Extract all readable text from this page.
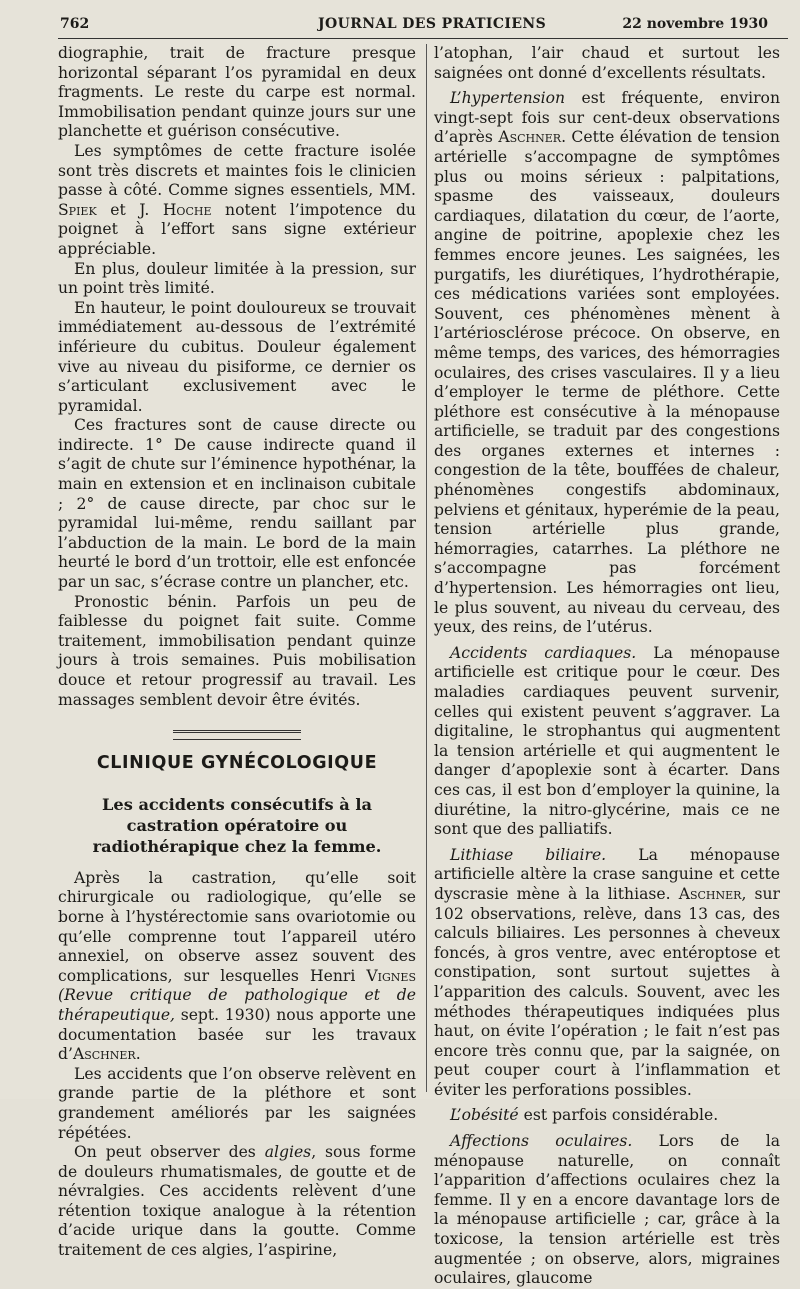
762	JOURNAL DES PRATICIENS	22 novembre 1930

diographie, trait de fracture presque horizontal séparant l’os pyramidal en deux fragments. Le reste du carpe est normal. Immobilisation pendant quinze jours sur une planchette et guérison consécutive.

Les symptômes de cette fracture isolée sont très discrets et maintes fois le clinicien passe à côté. Comme signes essentiels, MM. Spiek et J. Hoche notent l’impotence du poignet à l’effort sans signe extérieur appréciable.

En plus, douleur limitée à la pression, sur un point très limité.

En hauteur, le point douloureux se trouvait immédiatement au-dessous de l’extrémité inférieure du cubitus. Douleur également vive au niveau du pisiforme, ce dernier os s’articulant exclusivement avec le pyramidal.

Ces fractures sont de cause directe ou indirecte. 1° De cause indirecte quand il s’agit de chute sur l’éminence hypothénar, la main en extension et en inclinaison cubitale ; 2° de cause directe, par choc sur le pyramidal lui-même, rendu saillant par l’abduction de la main. Le bord de la main heurté le bord d’un trottoir, elle est enfoncée par un sac, s’écrase contre un plancher, etc.

Pronostic bénin. Parfois un peu de faiblesse du poignet fait suite. Comme traitement, immobilisation pendant quinze jours à trois semaines. Puis mobilisation douce et retour progressif au travail. Les massages semblent devoir être évités.

CLINIQUE GYNÉCOLOGIQUE
Les accidents consécutifs à la castration opératoire ou radiothérapique chez la femme.

Après la castration, qu’elle soit chirurgicale ou radiologique, qu’elle se borne à l’hystérectomie sans ovariotomie ou qu’elle comprenne tout l’appareil utéro annexiel, on observe assez souvent des complications, sur lesquelles Henri Vignes (Revue critique de pathologique et de thérapeutique, sept. 1930) nous apporte une documentation basée sur les travaux d’Aschner.

Les accidents que l’on observe relèvent en grande partie de la pléthore et sont grandement améliorés par les saignées répétées.

On peut observer des algies, sous forme de douleurs rhumatismales, de goutte et de névralgies. Ces accidents relèvent d’une rétention toxique analogue à la rétention d’acide urique dans la goutte. Comme traitement de ces algies, l’aspirine,

l’atophan, l’air chaud et surtout les saignées ont donné d’excellents résultats.

L’hypertension est fréquente, environ vingt-sept fois sur cent-deux observations d’après Aschner. Cette élévation de tension artérielle s’accompagne de symptômes plus ou moins sérieux : palpitations, spasme des vaisseaux, douleurs cardiaques, dilatation du cœur, de l’aorte, angine de poitrine, apoplexie chez les femmes encore jeunes. Les saignées, les purgatifs, les diurétiques, l’hydrothérapie, ces médications variées sont employées. Souvent, ces phénomènes mènent à l’artériosclérose précoce. On observe, en même temps, des varices, des hémorragies oculaires, des crises vasculaires. Il y a lieu d’employer le terme de pléthore. Cette pléthore est consécutive à la ménopause artificielle, se traduit par des congestions des organes externes et internes : congestion de la tête, bouffées de chaleur, phénomènes congestifs abdominaux, pelviens et génitaux, hyperémie de la peau, tension artérielle plus grande, hémorragies, catarrhes. La pléthore ne s’accompagne pas forcément d’hypertension. Les hémorragies ont lieu, le plus souvent, au niveau du cerveau, des yeux, des reins, de l’utérus.

Accidents cardiaques. La ménopause artificielle est critique pour le cœur. Des maladies cardiaques peuvent survenir, celles qui existent peuvent s’aggraver. La digitaline, le strophantus qui augmentent la tension artérielle et qui augmentent le danger d’apoplexie sont à écarter. Dans ces cas, il est bon d’employer la quinine, la diurétine, la nitro-glycérine, mais ce ne sont que des palliatifs.

Lithiase biliaire. La ménopause artificielle altère la crase sanguine et cette dyscrasie mène à la lithiase. Aschner, sur 102 observations, relève, dans 13 cas, des calculs biliaires. Les personnes à cheveux foncés, à gros ventre, avec entéroptose et constipation, sont surtout sujettes à l’apparition des calculs. Souvent, avec les méthodes thérapeutiques indiquées plus haut, on évite l’opération ; le fait n’est pas encore très connu que, par la saignée, on peut couper court à l’inflammation et éviter les perforations possibles.

L’obésité est parfois considérable.

Affections oculaires. Lors de la ménopause naturelle, on connaît l’apparition d’affections oculaires chez la femme. Il y en a encore davantage lors de la ménopause artificielle ; car, grâce à la toxicose, la tension artérielle est très augmentée ; on observe, alors, migraines oculaires, glaucome
